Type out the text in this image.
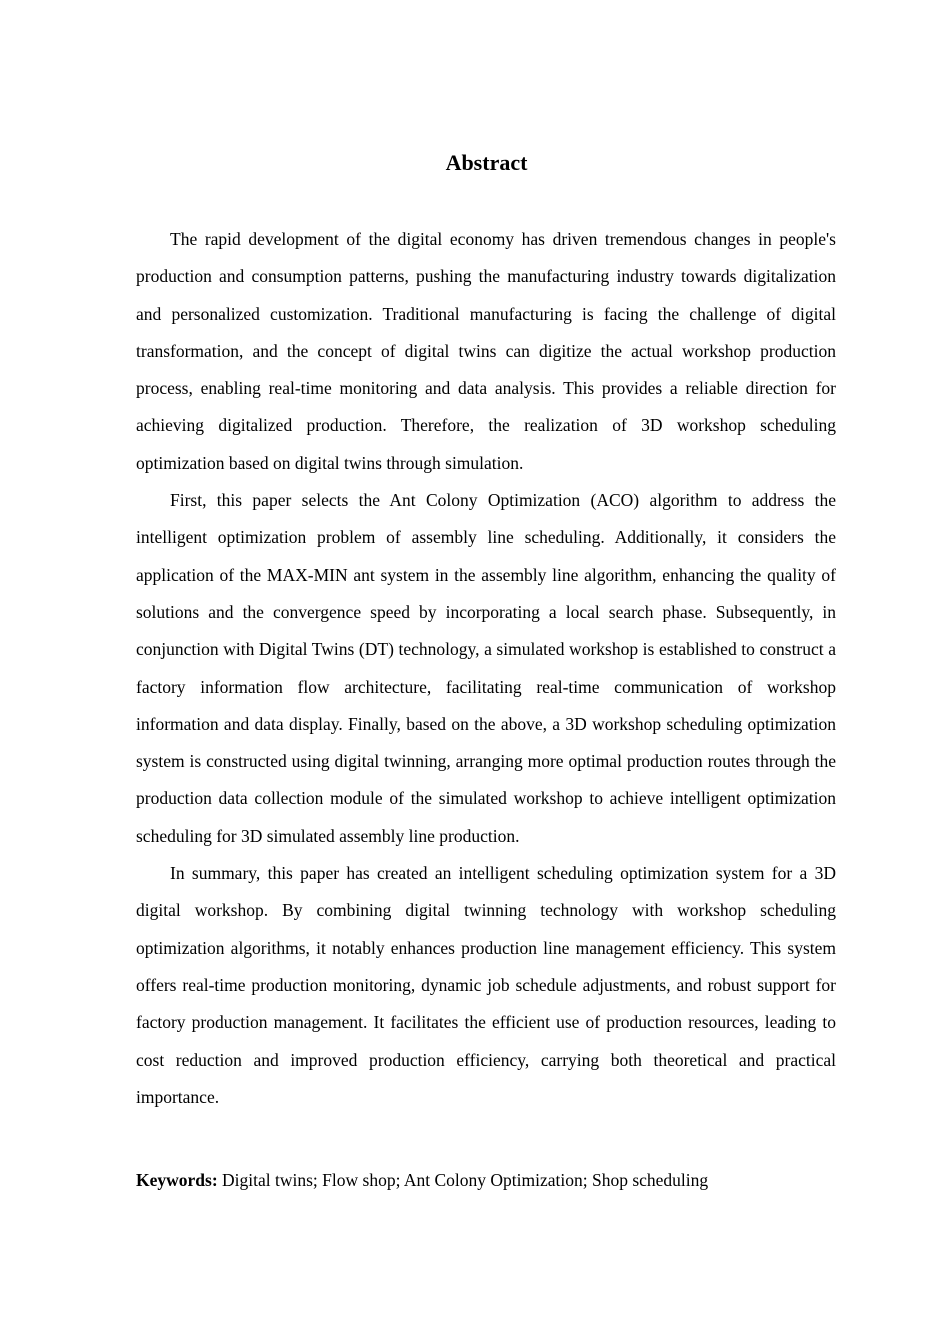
Abstract

The rapid development of the digital economy has driven tremendous changes in people's production and consumption patterns, pushing the manufacturing industry towards digitalization and personalized customization. Traditional manufacturing is facing the challenge of digital transformation, and the concept of digital twins can digitize the actual workshop production process, enabling real-time monitoring and data analysis. This provides a reliable direction for achieving digitalized production. Therefore, the realization of 3D workshop scheduling optimization based on digital twins through simulation.

First, this paper selects the Ant Colony Optimization (ACO) algorithm to address the intelligent optimization problem of assembly line scheduling. Additionally, it considers the application of the MAX-MIN ant system in the assembly line algorithm, enhancing the quality of solutions and the convergence speed by incorporating a local search phase. Subsequently, in conjunction with Digital Twins (DT) technology, a simulated workshop is established to construct a factory information flow architecture, facilitating real-time communication of workshop information and data display. Finally, based on the above, a 3D workshop scheduling optimization system is constructed using digital twinning, arranging more optimal production routes through the production data collection module of the simulated workshop to achieve intelligent optimization scheduling for 3D simulated assembly line production.

In summary, this paper has created an intelligent scheduling optimization system for a 3D digital workshop. By combining digital twinning technology with workshop scheduling optimization algorithms, it notably enhances production line management efficiency. This system offers real-time production monitoring, dynamic job schedule adjustments, and robust support for factory production management. It facilitates the efficient use of production resources, leading to cost reduction and improved production efficiency, carrying both theoretical and practical importance.

Keywords: Digital twins; Flow shop; Ant Colony Optimization; Shop scheduling
